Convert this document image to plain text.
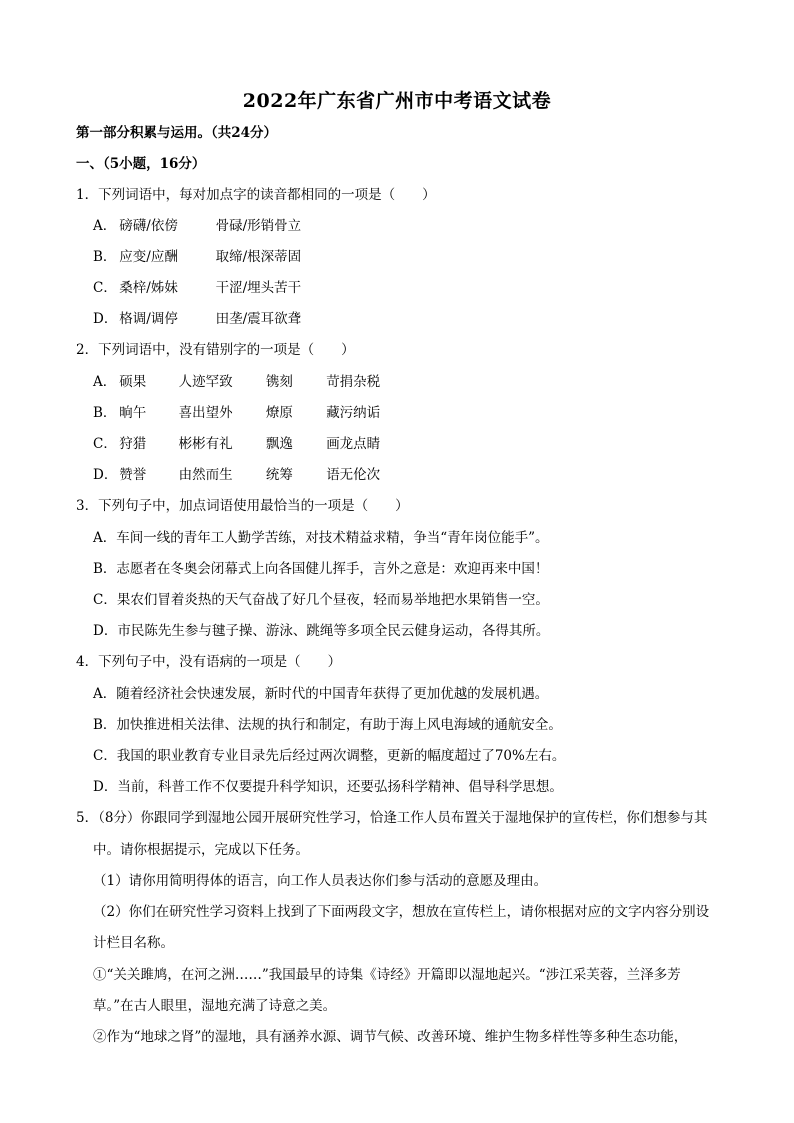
2022年广东省广州市中考语文试卷
第一部分积累与运用。（共24分）
一、（5小题，16分）
1．下列词语中，每对加点字的读音都相同的一项是（　　）
A． 磅礴/依傍	骨碌/形销骨立
B． 应变/应酬	取缔/根深蒂固
C． 桑梓/姊妹	干涩/埋头苦干
D． 格调/调停	田垄/震耳欲聋
2．下列词语中，没有错别字的一项是（　　）
A． 硕果 人迹罕致 镌刻 苛捐杂税
B． 晌午 喜出望外 燎原 藏污纳诟
C． 狩猎 彬彬有礼 飘逸 画龙点睛
D． 赞誉 由然而生 统筹 语无伦次
3．下列句子中，加点词语使用最恰当的一项是（　　）
A．车间一线的青年工人勤学苦练，对技术精益求精，争当“青年岗位能手”。
B．志愿者在冬奥会闭幕式上向各国健儿挥手，言外之意是：欢迎再来中国！
C．果农们冒着炎热的天气奋战了好几个昼夜，轻而易举地把水果销售一空。
D．市民陈先生参与毽子操、游泳、跳绳等多项全民云健身运动，各得其所。
4．下列句子中，没有语病的一项是（　　）
A．随着经济社会快速发展，新时代的中国青年获得了更加优越的发展机遇。
B．加快推进相关法律、法规的执行和制定，有助于海上风电海域的通航安全。
C．我国的职业教育专业目录先后经过两次调整，更新的幅度超过了70%左右。
D．当前，科普工作不仅要提升科学知识，还要弘扬科学精神、倡导科学思想。
5．（8分）你跟同学到湿地公园开展研究性学习，恰逢工作人员布置关于湿地保护的宣传栏，你们想参与其
中。请你根据提示，完成以下任务。
（1）请你用简明得体的语言，向工作人员表达你们参与活动的意愿及理由。
（2）你们在研究性学习资料上找到了下面两段文字，想放在宣传栏上，请你根据对应的文字内容分别设
计栏目名称。
①“关关雎鸠，在河之洲……”我国最早的诗集《诗经》开篇即以湿地起兴。“涉江采芙蓉，兰泽多芳
草。”在古人眼里，湿地充满了诗意之美。
②作为“地球之肾”的湿地，具有涵养水源、调节气候、改善环境、维护生物多样性等多种生态功能，
